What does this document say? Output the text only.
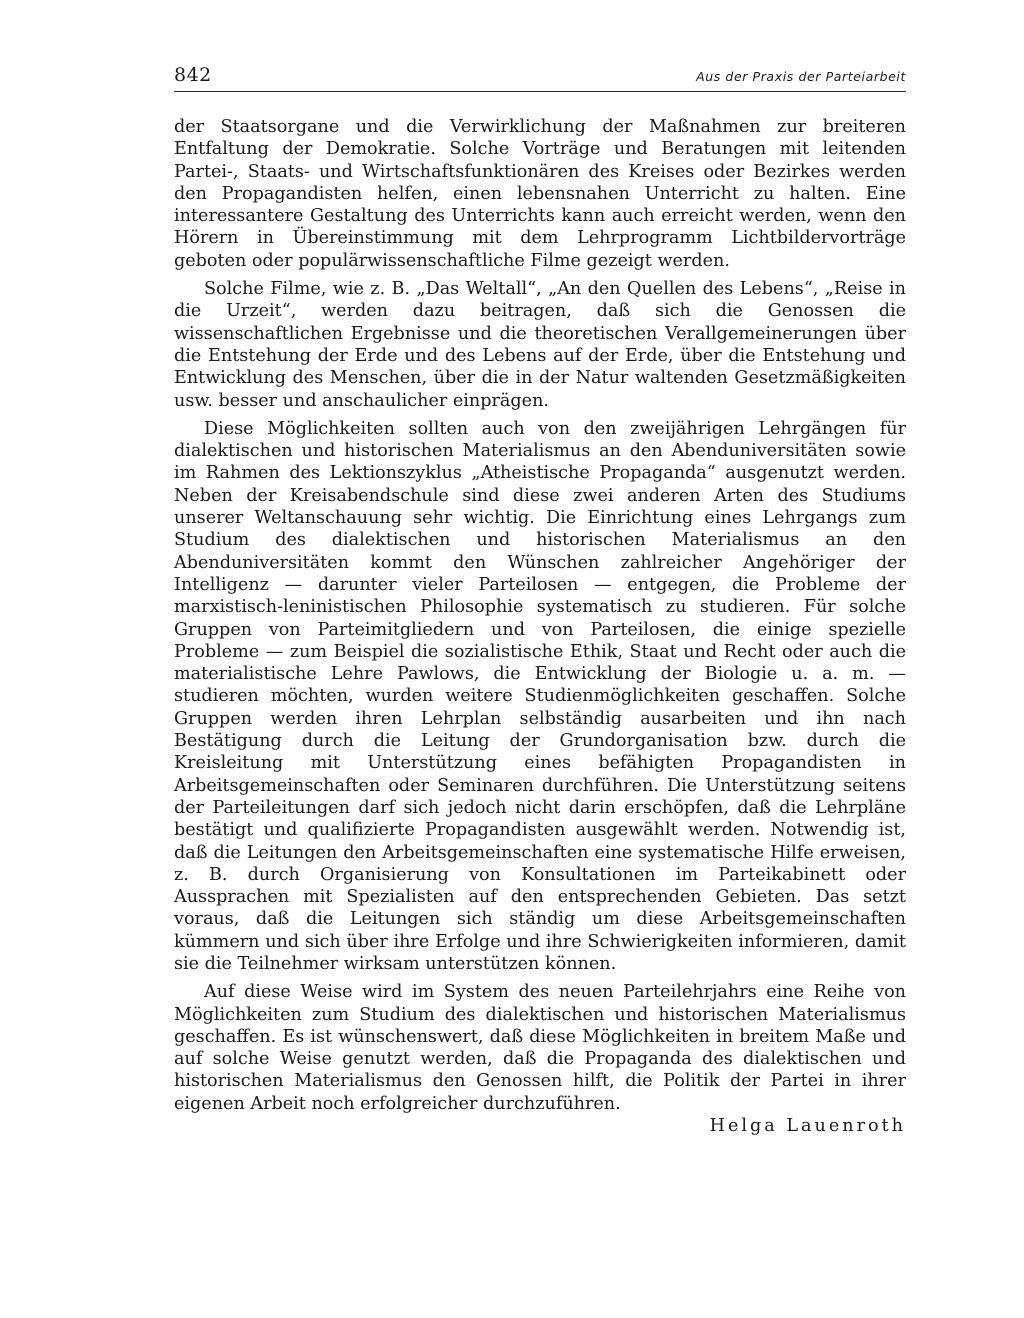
842	Aus der Praxis der Parteiarbeit

der Staatsorgane und die Verwirklichung der Maßnahmen zur breiteren Entfaltung der Demokratie. Solche Vorträge und Beratungen mit leitenden Partei-, Staats- und Wirtschaftsfunktionären des Kreises oder Bezirkes werden den Propagandisten helfen, einen lebensnahen Unterricht zu halten. Eine interessantere Gestaltung des Unterrichts kann auch erreicht werden, wenn den Hörern in Übereinstimmung mit dem Lehrprogramm Lichtbildervorträge geboten oder populärwissenschaftliche Filme gezeigt werden.

Solche Filme, wie z. B. „Das Weltall“, „An den Quellen des Lebens“, „Reise in die Urzeit“, werden dazu beitragen, daß sich die Genossen die wissenschaftlichen Ergebnisse und die theoretischen Verallgemeinerungen über die Entstehung der Erde und des Lebens auf der Erde, über die Entstehung und Entwicklung des Menschen, über die in der Natur waltenden Gesetzmäßigkeiten usw. besser und anschaulicher einprägen.

Diese Möglichkeiten sollten auch von den zweijährigen Lehrgängen für dialektischen und historischen Materialismus an den Abenduniversitäten sowie im Rahmen des Lektionszyklus „Atheistische Propaganda“ ausgenutzt werden. Neben der Kreisabendschule sind diese zwei anderen Arten des Studiums unserer Weltanschauung sehr wichtig. Die Einrichtung eines Lehrgangs zum Studium des dialektischen und historischen Materialismus an den Abenduniversitäten kommt den Wünschen zahlreicher Angehöriger der Intelligenz — darunter vieler Parteilosen — entgegen, die Probleme der marxistisch-leninistischen Philosophie systematisch zu studieren. Für solche Gruppen von Parteimitgliedern und von Parteilosen, die einige spezielle Probleme — zum Beispiel die sozialistische Ethik, Staat und Recht oder auch die materialistische Lehre Pawlows, die Entwicklung der Biologie u. a. m. — studieren möchten, wurden weitere Studienmöglichkeiten geschaffen. Solche Gruppen werden ihren Lehrplan selbständig ausarbeiten und ihn nach Bestätigung durch die Leitung der Grundorganisation bzw. durch die Kreisleitung mit Unterstützung eines befähigten Propagandisten in Arbeitsgemeinschaften oder Seminaren durchführen. Die Unterstützung seitens der Parteileitungen darf sich jedoch nicht darin erschöpfen, daß die Lehrpläne bestätigt und qualifizierte Propagandisten ausgewählt werden. Notwendig ist, daß die Leitungen den Arbeitsgemeinschaften eine systematische Hilfe erweisen, z. B. durch Organisierung von Konsultationen im Parteikabinett oder Aussprachen mit Spezialisten auf den entsprechenden Gebieten. Das setzt voraus, daß die Leitungen sich ständig um diese Arbeitsgemeinschaften kümmern und sich über ihre Erfolge und ihre Schwierigkeiten informieren, damit sie die Teilnehmer wirksam unterstützen können.

Auf diese Weise wird im System des neuen Parteilehrjahrs eine Reihe von Möglichkeiten zum Studium des dialektischen und historischen Materialismus geschaffen. Es ist wünschenswert, daß diese Möglichkeiten in breitem Maße und auf solche Weise genutzt werden, daß die Propaganda des dialektischen und historischen Materialismus den Genossen hilft, die Politik der Partei in ihrer eigenen Arbeit noch erfolgreicher durchzuführen.

Helga Lauenroth
